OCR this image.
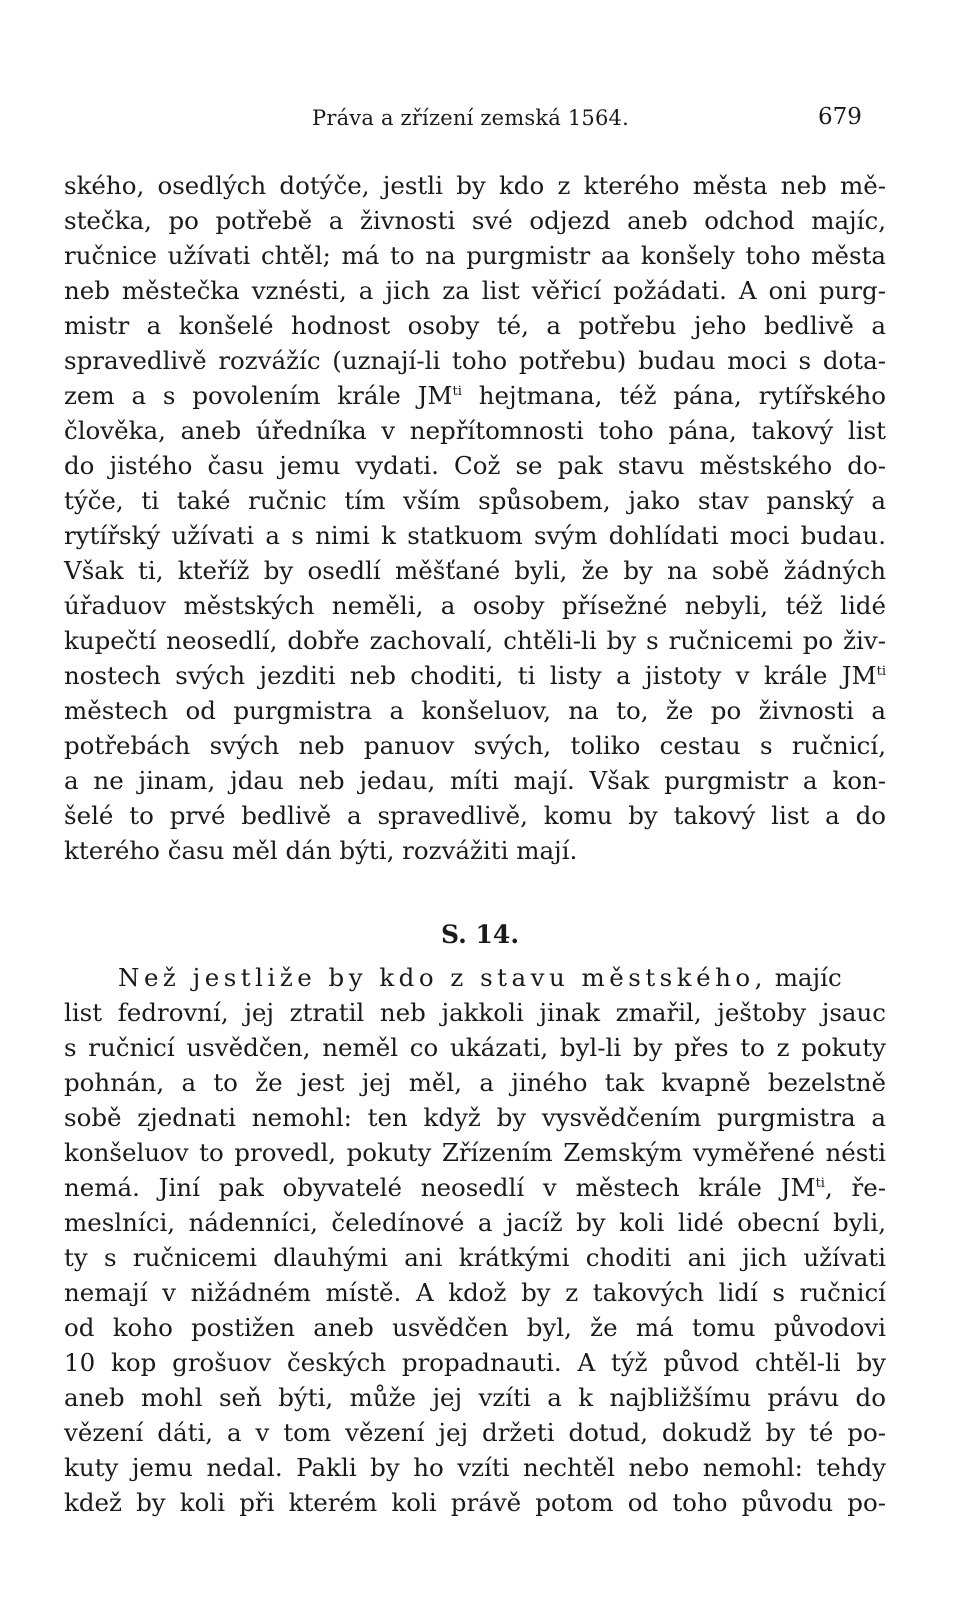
Práva a zřízení zemská 1564.	679
ského, osedlých dotýče, jestli by kdo z kterého města neb mě-
stečka, po potřebě a živnosti své odjezd aneb odchod majíc,
ručnice užívati chtěl; má to na purgmistr aa konšely toho města
neb městečka vznésti, a jich za list věřicí požádati. A oni purg-
mistr a konšelé hodnost osoby té, a potřebu jeho bedlivě a
spravedlivě rozvážíc (uznají-li toho potřebu) budau moci s dota-
zem a s povolením krále $JM^{ti}$ hejtmana, též pána, rytířského
člověka, aneb úředníka v nepřítomnosti toho pána, takový list
do jistého času jemu vydati. Což se pak stavu městského do-
týče, ti také ručnic tím vším spůsobem, jako stav panský a
rytířský užívati a s nimi k statkuom svým dohlídati moci budau.
Však ti, kteříž by osedlí měšťané byli, že by na sobě žádných
úřaduov městských neměli, a osoby přísežné nebyli, též lidé
kupečtí neosedlí, dobře zachovalí, chtěli-li by s ručnicemi po živ-
nostech svých jezditi neb choditi, ti listy a jistoty v krále $JM^{ti}$
městech od purgmistra a konšeluov, na to, že po živnosti a
potřebách svých neb panuov svých, toliko cestau s ručnicí,
a ne jinam, jdau neb jedau, míti mají. Však purgmistr a kon-
šelé to prvé bedlivě a spravedlivě, komu by takový list a do
kterého času měl dán býti, rozvážiti mají.
S. 14.
Než jestliže by kdo z stavu městského, majíc
list fedrovní, jej ztratil neb jakkoli jinak zmařil, ještoby jsauc
s ručnicí usvědčen, neměl co ukázati, byl-li by přes to z pokuty
pohnán, a to že jest jej měl, a jiného tak kvapně bezelstně
sobě zjednati nemohl: ten když by vysvědčením purgmistra a
konšeluov to provedl, pokuty Zřízením Zemským vyměřené nésti
nemá. Jiní pak obyvatelé neosedlí v městech krále $JM^{ti}$, ře-
meslníci, nádenníci, čeledínové a jacíž by koli lidé obecní byli,
ty s ručnicemi dlauhými ani krátkými choditi ani jich užívati
nemají v nižádném místě. A kdož by z takových lidí s ručnicí
od koho postižen aneb usvědčen byl, že má tomu původovi
10 kop grošuov českých propadnauti. A týž původ chtěl-li by
aneb mohl seň býti, může jej vzíti a k najbližšímu právu do
vězení dáti, a v tom vězení jej držeti dotud, dokudž by té po-
kuty jemu nedal. Pakli by ho vzíti nechtěl nebo nemohl: tehdy
kdež by koli při kterém koli právě potom od toho původu po-
